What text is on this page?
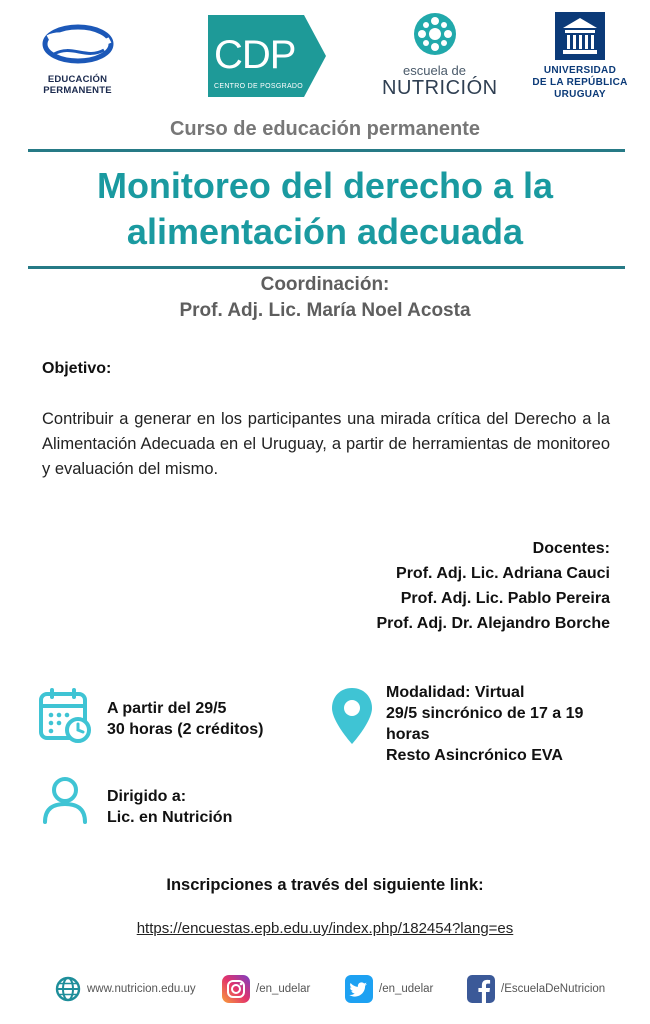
EDUCACIÓN PERMANENTE
CDP
CENTRO DE POSGRADO
escuela de
NUTRICIÓN
UNIVERSIDAD
DE LA REPÚBLICA
URUGUAY
Curso de educación permanente
Monitoreo del derecho a la
alimentación adecuada
Coordinación:
Prof. Adj. Lic. María Noel Acosta
Objetivo:
Contribuir a generar en los participantes una mirada crítica del Derecho a la Alimentación Adecuada en el Uruguay, a partir de herramientas de monitoreo y evaluación del mismo.
Docentes:
Prof. Adj. Lic. Adriana Cauci
Prof. Adj. Lic. Pablo Pereira
Prof. Adj. Dr. Alejandro Borche
A partir del 29/5
30 horas (2 créditos)
Modalidad: Virtual
29/5 sincrónico de 17 a 19
horas
Resto Asincrónico EVA
Dirigido a:
Lic. en Nutrición
Inscripciones a través del siguiente link:
https://encuestas.epb.edu.uy/index.php/182454?lang=es
www.nutricion.edu.uy	/en_udelar	/en_udelar	/EscuelaDeNutricion
